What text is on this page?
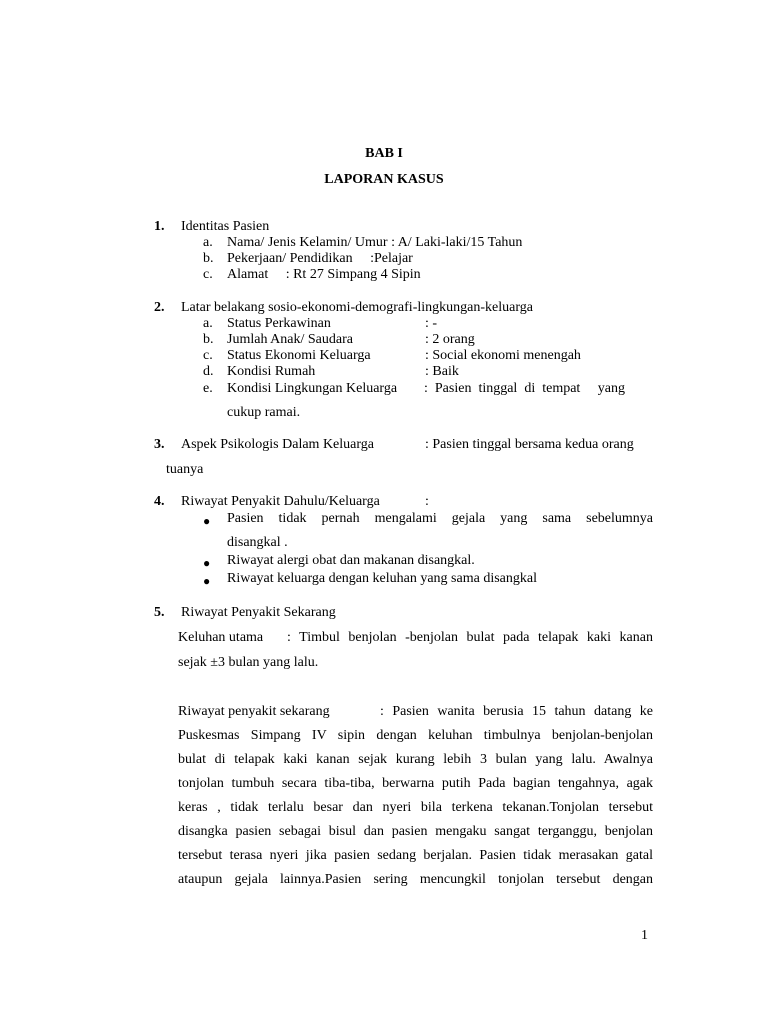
BAB I
LAPORAN KASUS
1. Identitas Pasien
a. Nama/ Jenis Kelamin/ Umur : A/ Laki-laki/15 Tahun
b. Pekerjaan/ Pendidikan     :Pelajar
c. Alamat     : Rt 27 Simpang 4 Sipin
2. Latar belakang sosio-ekonomi-demografi-lingkungan-keluarga
a. Status Perkawinan	: -
b. Jumlah Anak/ Saudara	: 2 orang
c. Status Ekonomi Keluarga	: Social ekonomi menengah
d. Kondisi Rumah	: Baik
e. Kondisi Lingkungan Keluarga :  Pasien  tinggal  di  tempat     yang
cukup ramai.
3. Aspek Psikologis Dalam Keluarga	: Pasien tinggal bersama kedua orang
tuanya
4. Riwayat Penyakit Dahulu/Keluarga	:
● Pasien tidak pernah mengalami gejala yang sama sebelumnya
disangkal .
● Riwayat alergi obat dan makanan disangkal.
● Riwayat keluarga dengan keluhan yang sama disangkal
5. Riwayat Penyakit Sekarang
Keluhan utama : Timbul benjolan -benjolan bulat pada telapak kaki kanan
sejak ±3 bulan yang lalu.
Riwayat penyakit sekarang	: Pasien wanita berusia 15 tahun datang ke
Puskesmas Simpang IV sipin dengan keluhan timbulnya benjolan-benjolan
bulat di telapak kaki kanan sejak kurang lebih 3 bulan yang lalu. Awalnya
tonjolan tumbuh secara tiba-tiba, berwarna putih Pada bagian tengahnya, agak
keras , tidak terlalu besar dan nyeri bila terkena tekanan.Tonjolan tersebut
disangka pasien sebagai bisul dan pasien mengaku sangat terganggu, benjolan
tersebut terasa nyeri jika pasien sedang berjalan. Pasien tidak merasakan gatal
ataupun gejala lainnya.Pasien sering mencungkil tonjolan tersebut dengan
1
